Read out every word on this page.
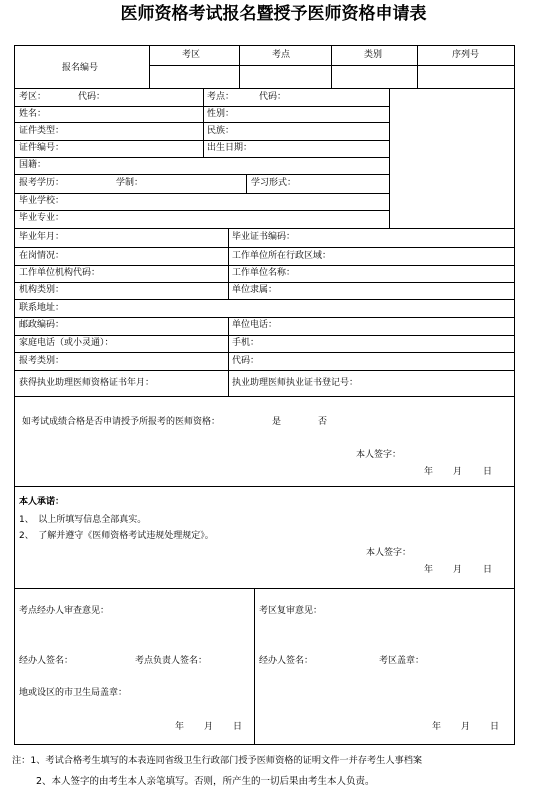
医师资格考试报名暨授予医师资格申请表
报名编号
考区	考点	类别	序列号
考区：	代码：	考点：	代码：
姓名：	性别：
证件类型：	民族：
证件编号：	出生日期：
国籍：
报考学历：	学制：	学习形式：
毕业学校：
毕业专业：
毕业年月：	毕业证书编码：
在岗情况：	工作单位所在行政区域：
工作单位机构代码：	工作单位名称：
机构类别：	单位隶属：
联系地址：
邮政编码：	单位电话：
家庭电话（或小灵通）：	手机：
报考类别：	代码：
获得执业助理医师资格证书年月：	执业助理医师执业证书登记号：
如考试成绩合格是否申请授予所报考的医师资格：	是	否
本人签字：
年 月 日
本人承诺：
1、　以上所填写信息全部真实。
2、　了解并遵守《医师资格考试违规处理规定》。
本人签字：
年 月 日
考点经办人审查意见：	考区复审意见：
经办人签名：	考点负责人签名：	经办人签名：	考区盖章：
地或设区的市卫生局盖章：
年 月 日	年 月 日
注：1、考试合格考生填写的本表连同省级卫生行政部门授予医师资格的证明文件一并存考生人事档案
2、本人签字的由考生本人亲笔填写。否则，所产生的一切后果由考生本人负责。
